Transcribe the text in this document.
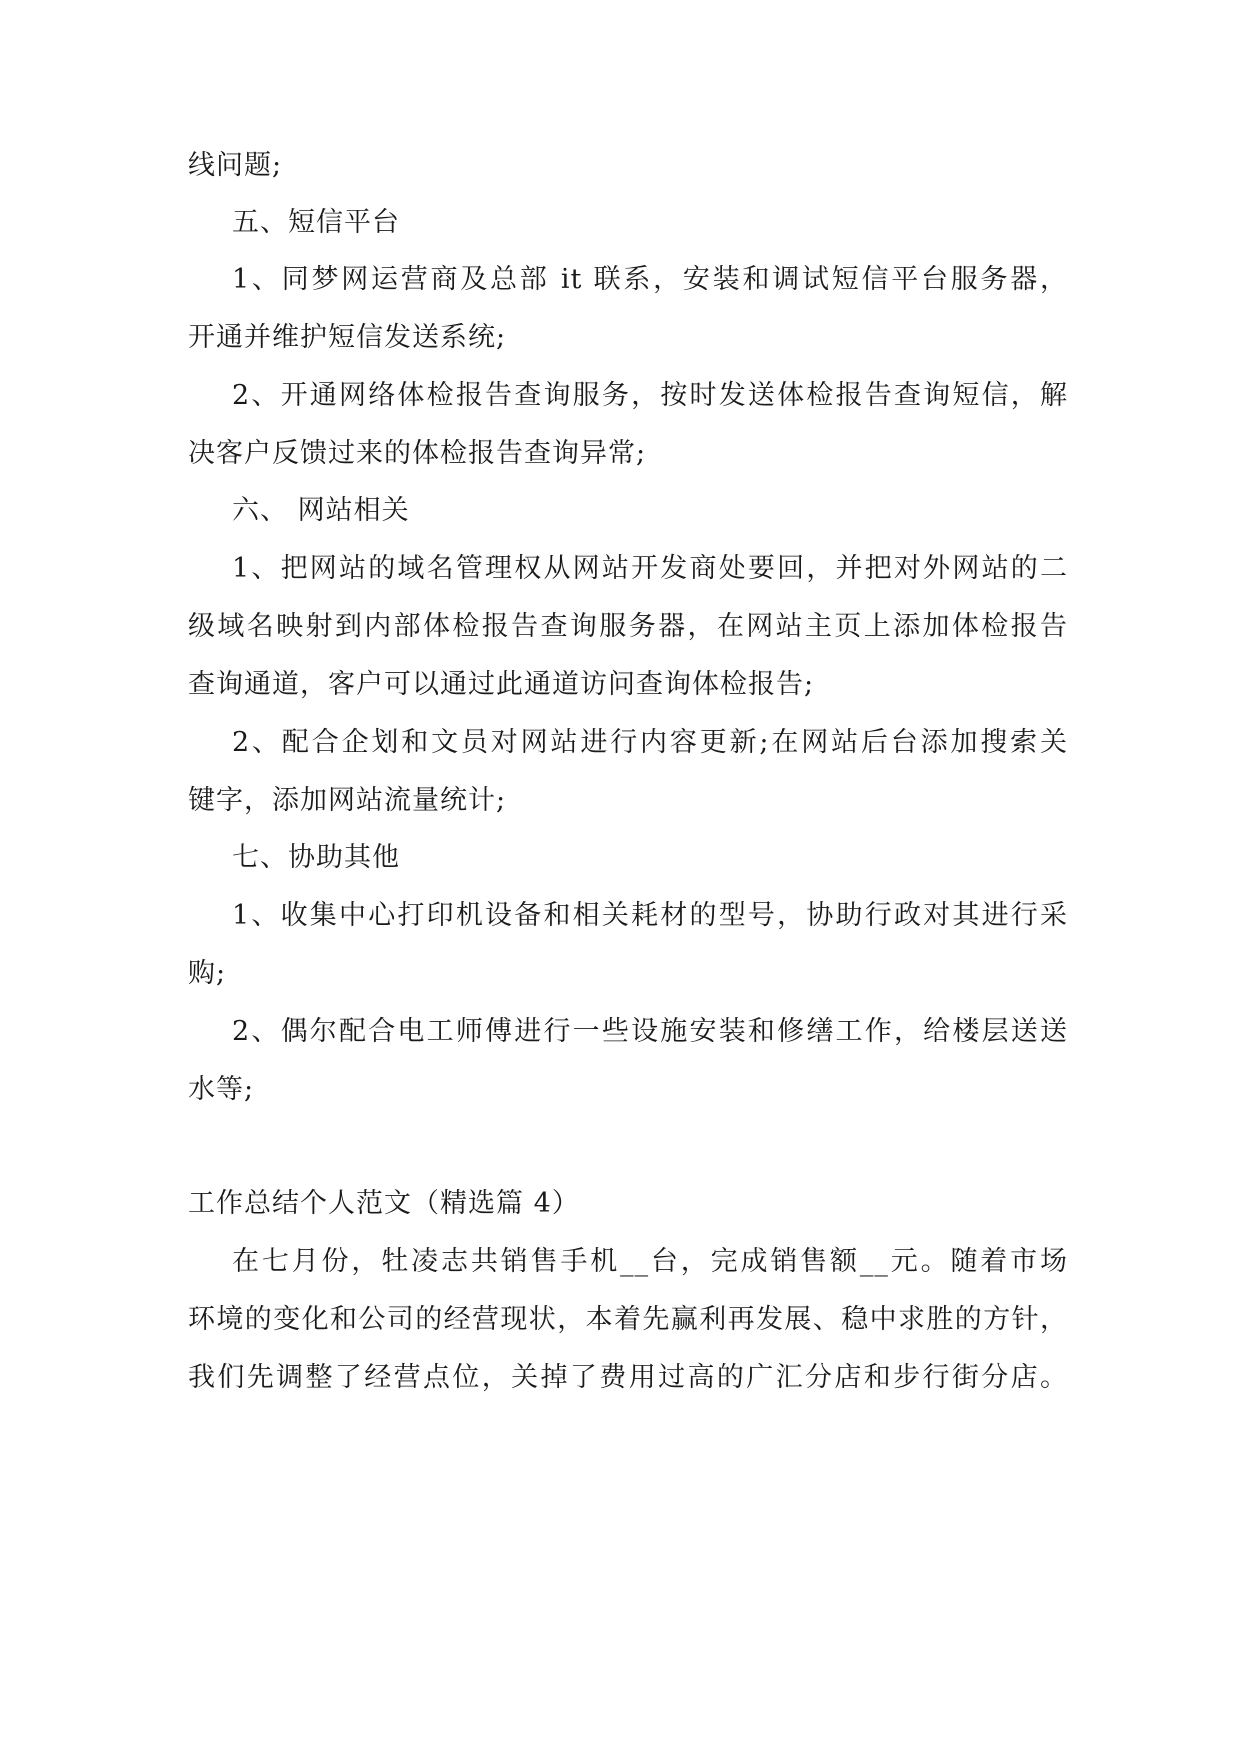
线问题;
五、短信平台
1、同梦网运营商及总部 it 联系，安装和调试短信平台服务器，
开通并维护短信发送系统;
2、开通网络体检报告查询服务，按时发送体检报告查询短信，解
决客户反馈过来的体检报告查询异常;
六、 网站相关
1、把网站的域名管理权从网站开发商处要回，并把对外网站的二
级域名映射到内部体检报告查询服务器，在网站主页上添加体检报告
查询通道，客户可以通过此通道访问查询体检报告;
2、配合企划和文员对网站进行内容更新;在网站后台添加搜索关
键字，添加网站流量统计;
七、协助其他
1、收集中心打印机设备和相关耗材的型号，协助行政对其进行采
购;
2、偶尔配合电工师傅进行一些设施安装和修缮工作，给楼层送送
水等;
工作总结个人范文（精选篇 4）
在七月份，牡凌志共销售手机__台，完成销售额__元。随着市场
环境的变化和公司的经营现状，本着先赢利再发展、稳中求胜的方针，
我们先调整了经营点位，关掉了费用过高的广汇分店和步行街分店。
